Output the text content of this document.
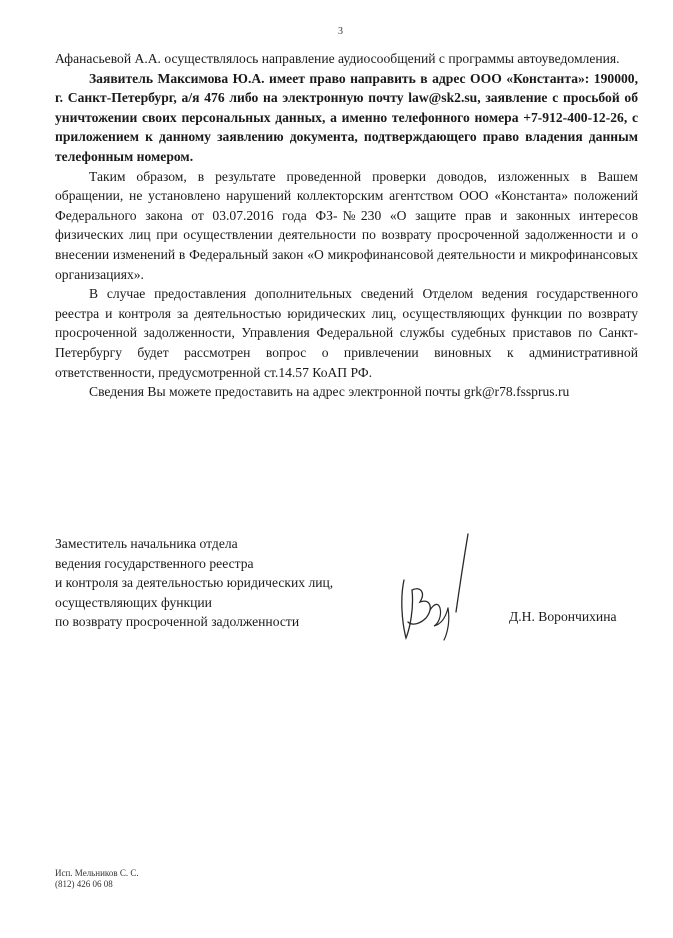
3

Афанасьевой А.А. осуществлялось направление аудиосообщений с программы автоуведомления.

Заявитель Максимова Ю.А. имеет право направить в адрес ООО «Константа»: 190000, г. Санкт-Петербург, а/я 476 либо на электронную почту law@sk2.su, заявление с просьбой об уничтожении своих персональных данных, а именно телефонного номера +7-912-400-12-26, с приложением к данному заявлению документа, подтверждающего право владения данным телефонным номером.

Таким образом, в результате проведенной проверки доводов, изложенных в Вашем обращении, не установлено нарушений коллекторским агентством ООО «Константа» положений Федерального закона от 03.07.2016 года ФЗ-№230 «О защите прав и законных интересов физических лиц при осуществлении деятельности по возврату просроченной задолженности и о внесении изменений в Федеральный закон «О микрофинансовой деятельности и микрофинансовых организациях».

В случае предоставления дополнительных сведений Отделом ведения государственного реестра и контроля за деятельностью юридических лиц, осуществляющих функции по возврату просроченной задолженности, Управления Федеральной службы судебных приставов по Санкт-Петербургу будет рассмотрен вопрос о привлечении виновных к административной ответственности, предусмотренной ст.14.57 КоАП РФ.

Сведения Вы можете предоставить на адрес электронной почты grk@r78.fssprus.ru

Заместитель начальника отдела
ведения государственного реестра
и контроля за деятельностью юридических лиц,
осуществляющих функции
по возврату просроченной задолженности	Д.Н. Ворончихина
Исп. Мельников С. С.
(812) 426 06 08
